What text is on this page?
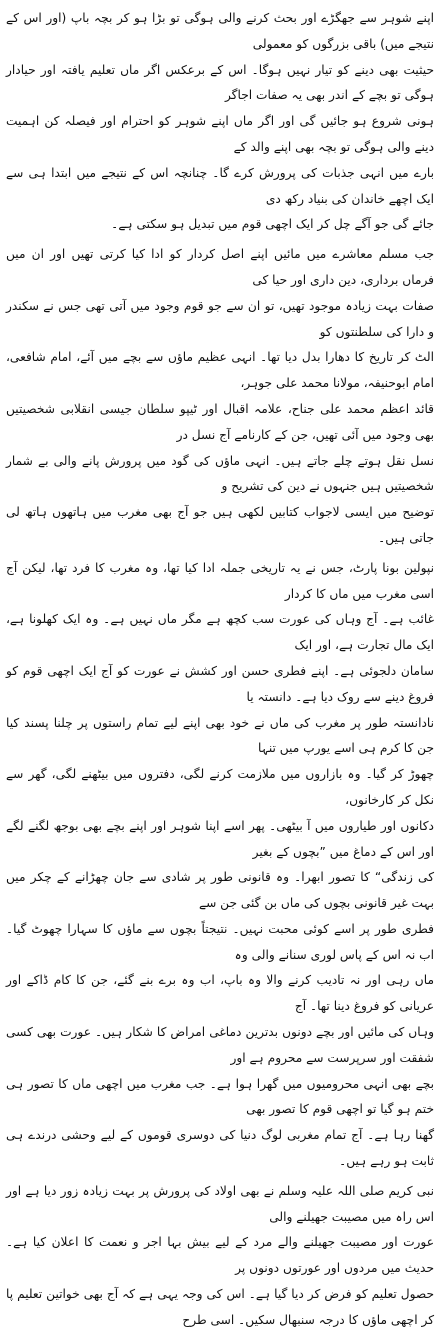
اپنے شوہر سے جھگڑے اور بحث کرنے والی ہوگی تو بڑا ہو کر بچہ باپ (اور اس کے نتیجے میں) باقی بزرگوں کو معمولی
حیثیت بھی دینے کو تیار نہیں ہوگا۔ اس کے برعکس اگر ماں تعلیم یافتہ اور حیادار ہوگی تو بچے کے اندر بھی یہ صفات اجاگر
ہونی شروع ہو جائیں گی اور اگر ماں اپنے شوہر کو احترام اور فیصلہ کن اہمیت دینے والی ہوگی تو بچہ بھی اپنے والد کے
بارے میں انہی جذبات کی پرورش کرے گا۔ چنانچہ اس کے نتیجے میں ابتدا ہی سے ایک اچھے خاندان کی بنیاد رکھ دی
جائے گی جو آگے چل کر ایک اچھی قوم میں تبدیل ہو سکتی ہے۔

جب مسلم معاشرے میں مائیں اپنے اصل کردار کو ادا کیا کرتی تھیں اور ان میں فرماں برداری، دین داری اور حیا کی
صفات بہت زیادہ موجود تھیں، تو ان سے جو قوم وجود میں آتی تھی جس نے سکندر و دارا کی سلطنتوں کو
الٹ کر تاریخ کا دھارا بدل دیا تھا۔ انہی عظیم ماؤں سے بچے میں آئے، امام شافعی، امام ابوحنیفہ، مولانا محمد علی جوہر،
قائد اعظم محمد علی جناح، علامہ اقبال اور ٹیپو سلطان جیسی انقلابی شخصیتیں بھی وجود میں آئی تھیں، جن کے کارنامے آج نسل در
نسل نقل ہوتے چلے جاتے ہیں۔ انہی ماؤں کی گود میں پرورش پانے والی بے شمار شخصیتیں ہیں جنہوں نے دین کی تشریح و
توضیح میں ایسی لاجواب کتابیں لکھی ہیں جو آج بھی مغرب میں ہاتھوں ہاتھ لی جاتی ہیں۔

نپولین بونا پارٹ، جس نے یہ تاریخی جملہ ادا کیا تھا، وہ مغرب کا فرد تھا، لیکن آج اسی مغرب میں ماں کا کردار
غائب ہے۔ آج وہاں کی عورت سب کچھ ہے مگر ماں نہیں ہے۔ وہ ایک کھلونا ہے، ایک مال تجارت ہے، اور ایک
سامان دلجوئی ہے۔ اپنے فطری حسن اور کشش نے عورت کو آج ایک اچھی قوم کو فروغ دینے سے روک دیا ہے۔ دانستہ یا
نادانستہ طور پر مغرب کی ماں نے خود بھی اپنے لیے تمام راستوں پر چلنا پسند کیا جن کا کرم ہی اسے یورپ میں تنہا
چھوڑ کر گیا۔ وہ بازاروں میں ملازمت کرنے لگی، دفتروں میں بیٹھنے لگی، گھر سے نکل کر کارخانوں،
دکانوں اور طیاروں میں آ بیٹھی۔ پھر اسے اپنا شوہر اور اپنے بچے بھی بوجھ لگنے لگے اور اس کے دماغ میں ”بچوں کے بغیر
کی زندگی“ کا تصور ابھرا۔ وہ قانونی طور پر شادی سے جان چھڑانے کے چکر میں بہت غیر قانونی بچوں کی ماں بن گئی جن سے
فطری طور پر اسے کوئی محبت نہیں۔ نتیجتاً بچوں سے ماؤں کا سہارا چھوٹ گیا۔ اب نہ اس کے پاس لوری سنانے والی وہ
ماں رہی اور نہ تادیب کرنے والا وہ باپ، اب وہ برے بنے گئے، جن کا کام ڈاکے اور عریانی کو فروغ دینا تھا۔ آج
وہاں کی مائیں اور بچے دونوں بدترین دماغی امراض کا شکار ہیں۔ عورت بھی کسی شفقت اور سرپرست سے محروم ہے اور
بچے بھی انہی محرومیوں میں گھرا ہوا ہے۔ جب مغرب میں اچھی ماں کا تصور ہی ختم ہو گیا تو اچھی قوم کا تصور بھی
گھنا رہا ہے۔ آج تمام مغربی لوگ دنیا کی دوسری قوموں کے لیے وحشی درندے ہی ثابت ہو رہے ہیں۔

نبی کریم صلی اللہ علیہ وسلم نے بھی اولاد کی پرورش پر بہت زیادہ زور دیا ہے اور اس راہ میں مصیبت جھیلنے والی
عورت اور مصیبت جھیلنے والے مرد کے لیے بیش بہا اجر و نعمت کا اعلان کیا ہے۔ حدیث میں مردوں اور عورتوں دونوں پر
حصول تعلیم کو فرض کر دیا گیا ہے۔ اس کی وجہ یہی ہے کہ آج بھی خواتین تعلیم پا کر اچھی ماؤں کا درجہ سنبھال سکیں۔ اسی طرح
